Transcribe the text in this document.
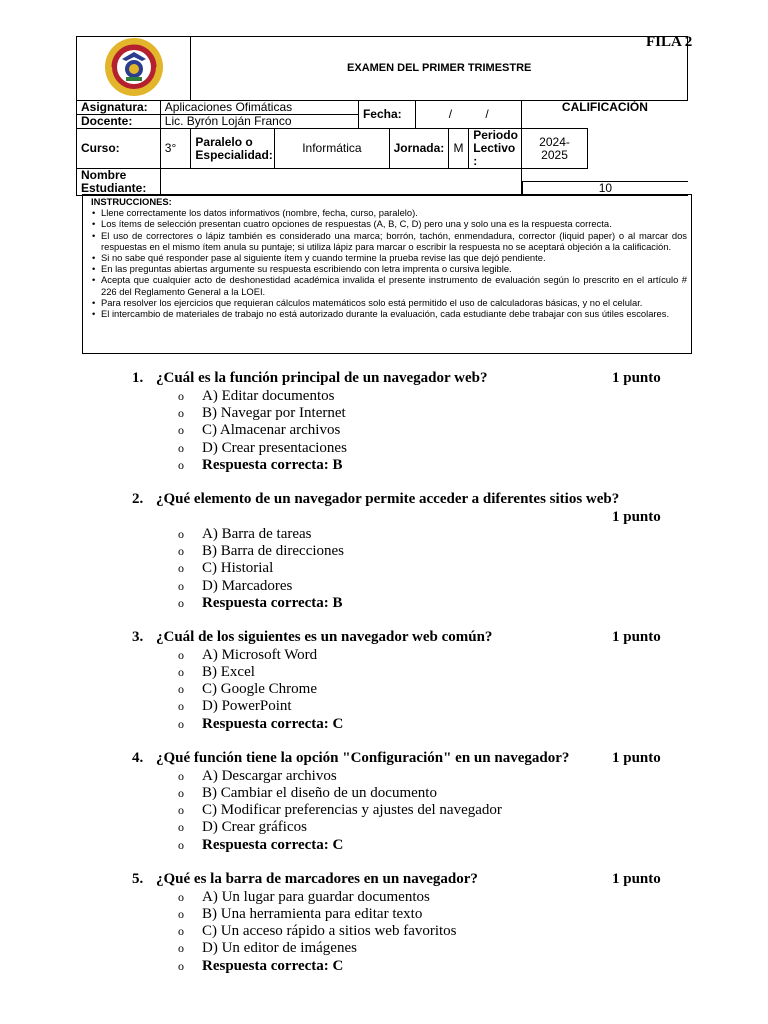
FILA 2
	EXAMEN DEL PRIMER TRIMESTRE								
Asignatura:	Aplicaciones Ofimáticas			Fecha:		/          /			CALIFICACIÓN	
Docente:	Lic. Byrón Loján Franco									
Curso:	3°	Paralelo o Especialidad:	Informática		Jornada:		M	Periodo Lectivo :	2024-2025	
Nombre Estudiante:									10	
INSTRUCCIONES:
• Llene correctamente los datos informativos (nombre, fecha, curso, paralelo).
• Los ítems de selección presentan cuatro opciones de respuestas (A, B, C, D) pero una y solo una es la respuesta correcta.
• El uso de correctores o lápiz también es considerado una marca; borrón, tachón, enmendadura, corrector (liquid paper) o al marcar dos respuestas en el mismo ítem anula su puntaje; si utiliza lápiz para marcar o escribir la respuesta no se aceptará objeción a la calificación.
• Si no sabe qué responder pase al siguiente ítem y cuando termine la prueba revise las que dejó pendiente.
• En las preguntas abiertas argumente su respuesta escribiendo con letra imprenta o cursiva legible.
• Acepta que cualquier acto de deshonestidad académica invalida el presente instrumento de evaluación según lo prescrito en el artículo # 226 del Reglamento General a la LOEI.
• Para resolver los ejercicios que requieran cálculos matemáticos solo está permitido el uso de calculadoras básicas, y no el celular.
• El intercambio de materiales de trabajo no está autorizado durante la evaluación, cada estudiante debe trabajar con sus útiles escolares.
1. ¿Cuál es la función principal de un navegador web?	1 punto
o A) Editar documentos
o B) Navegar por Internet
o C) Almacenar archivos
o D) Crear presentaciones
o Respuesta correcta: B
2. ¿Qué elemento de un navegador permite acceder a diferentes sitios web?
1 punto
o A) Barra de tareas
o B) Barra de direcciones
o C) Historial
o D) Marcadores
o Respuesta correcta: B
3. ¿Cuál de los siguientes es un navegador web común?	1 punto
o A) Microsoft Word
o B) Excel
o C) Google Chrome
o D) PowerPoint
o Respuesta correcta: C
4. ¿Qué función tiene la opción "Configuración" en un navegador?	1 punto
o A) Descargar archivos
o B) Cambiar el diseño de un documento
o C) Modificar preferencias y ajustes del navegador
o D) Crear gráficos
o Respuesta correcta: C
5. ¿Qué es la barra de marcadores en un navegador?	1 punto
o A) Un lugar para guardar documentos
o B) Una herramienta para editar texto
o C) Un acceso rápido a sitios web favoritos
o D) Un editor de imágenes
o Respuesta correcta: C
